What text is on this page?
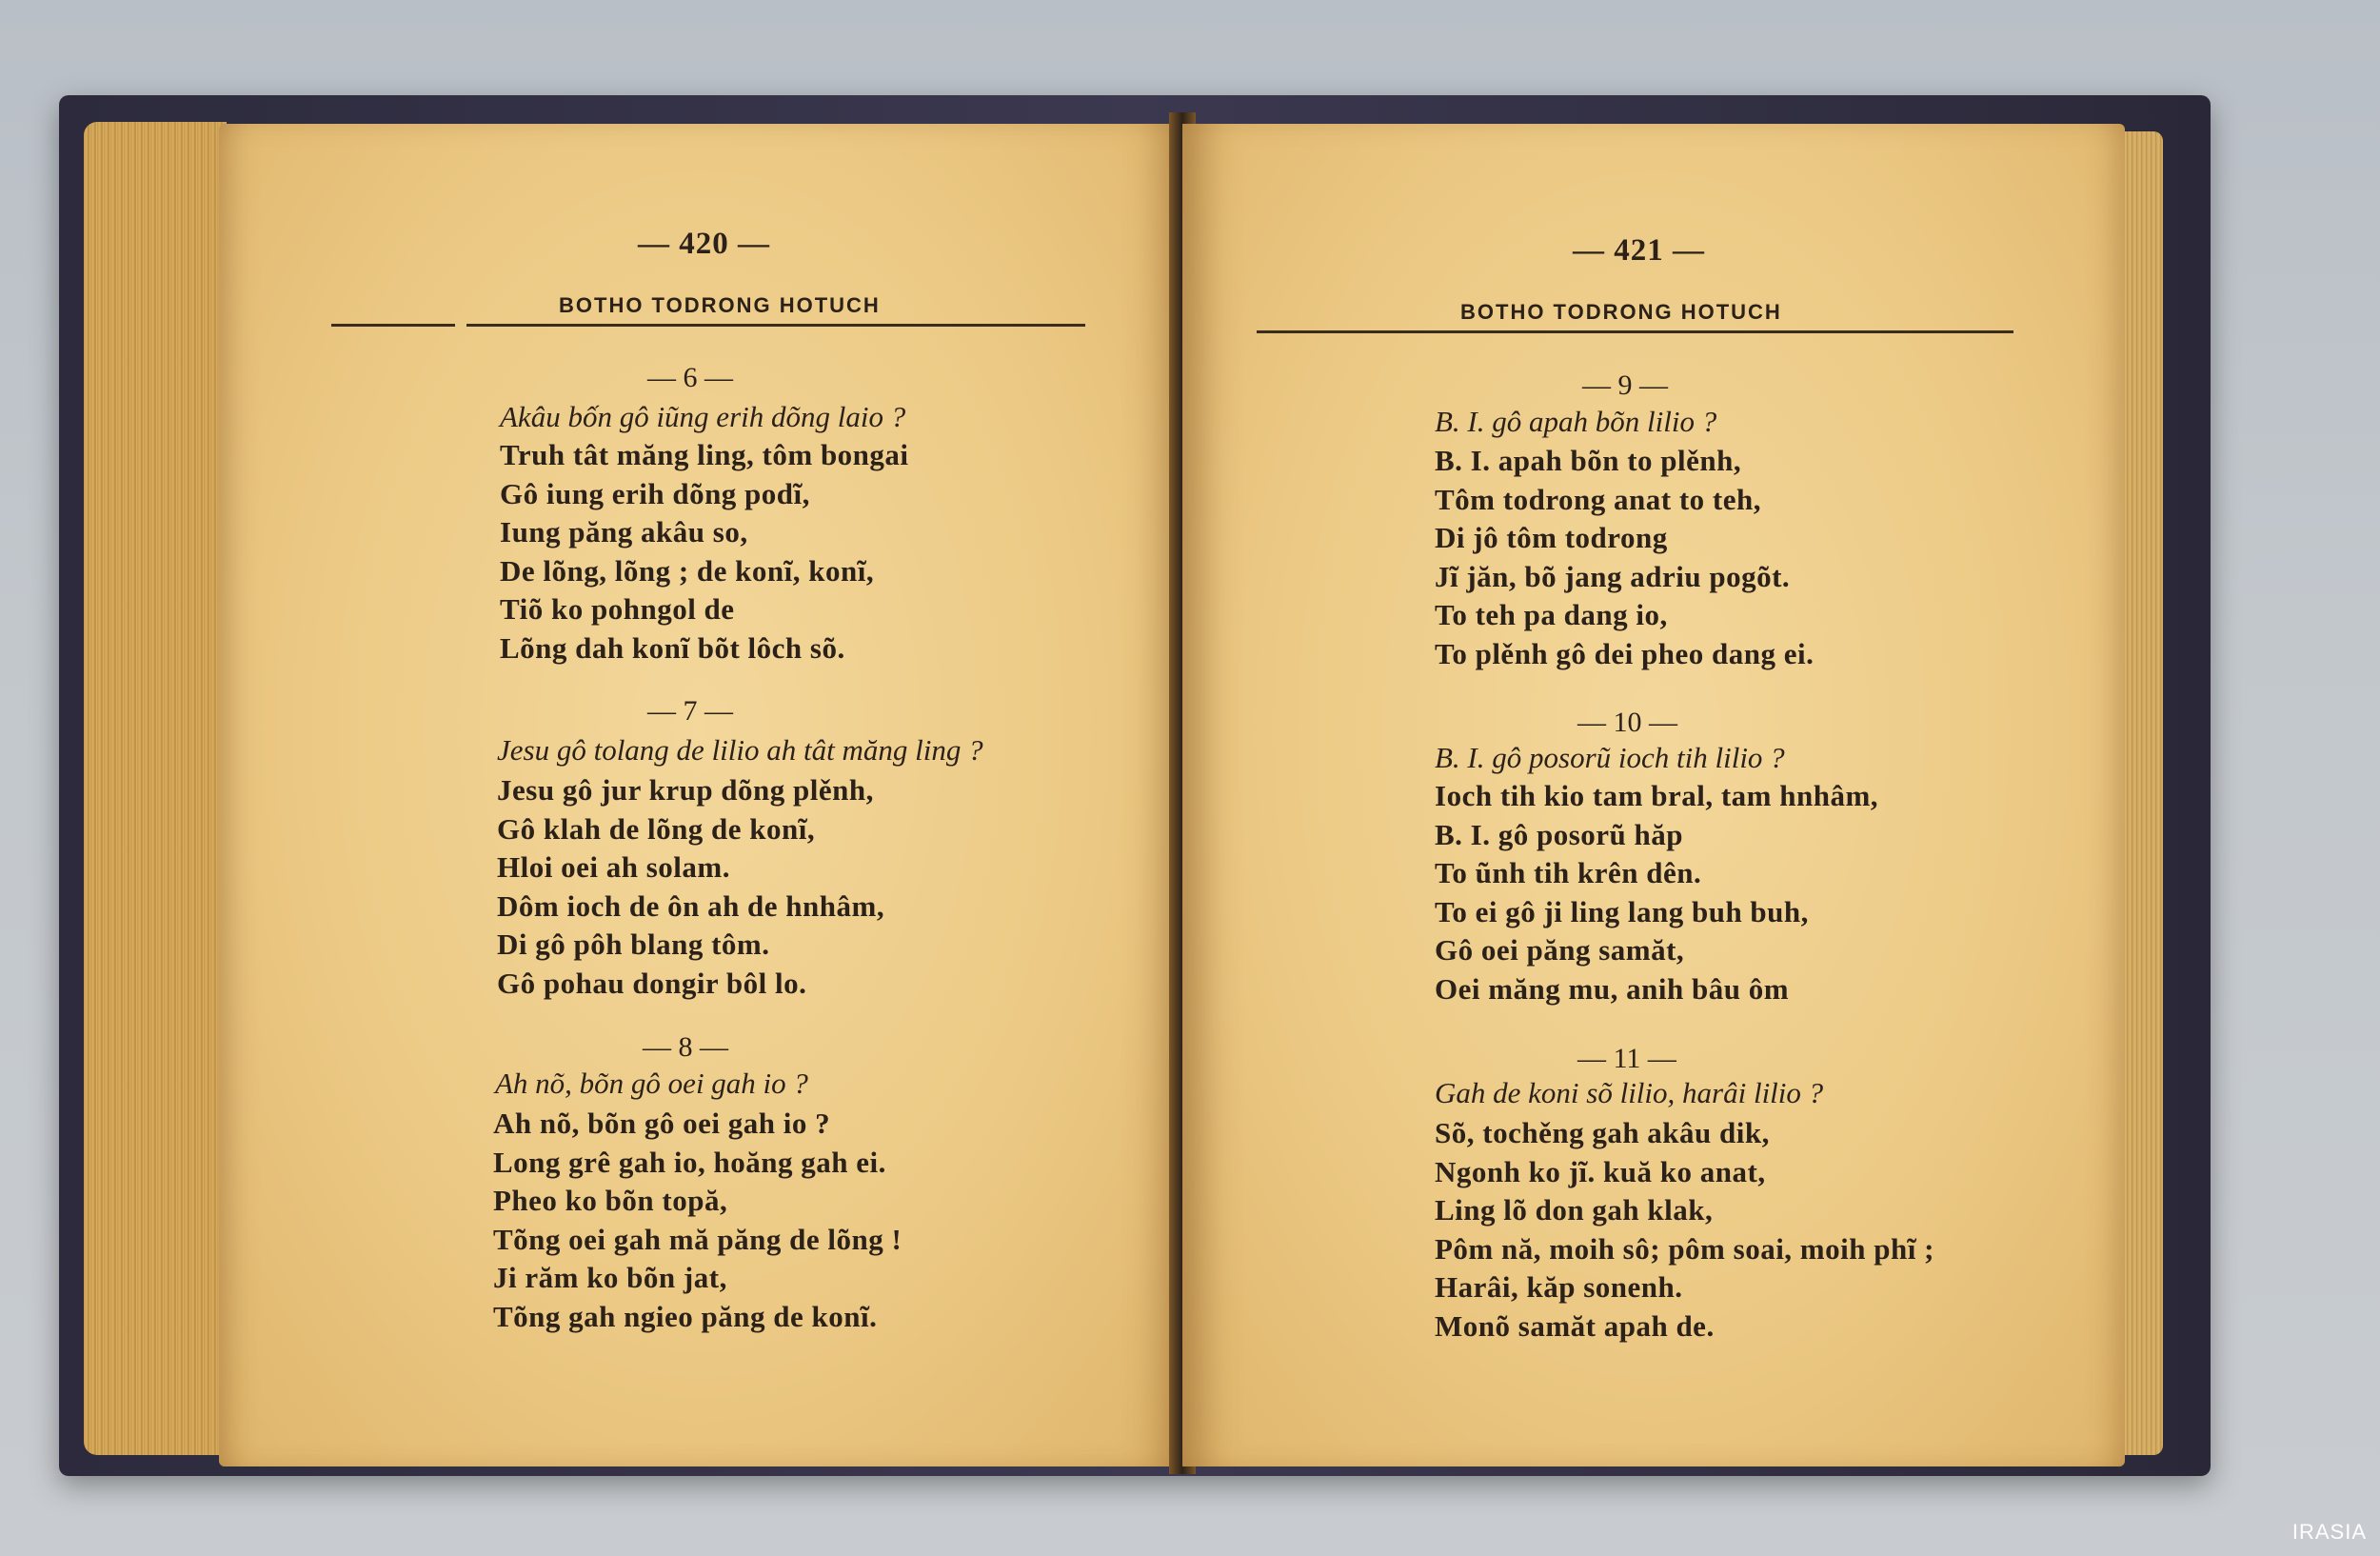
— 420 —
BOTHO TODRONG HOTUCH
— 6 —
Akâu bốn gô iũng erih dõng laio ?
Truh tât măng ling, tôm bongai
Gô iung erih dõng podĩ,
Iung păng akâu so,
De lõng, lõng ; de konĩ, konĩ,
Tiõ ko pohngol de
Lõng dah konĩ bõt lôch sõ.
— 7 —
Jesu gô tolang de lilio ah tât măng ling ?
Jesu gô jur krup dõng plěnh,
Gô klah de lõng de konĩ,
Hloi oei ah solam.
Dôm ioch de ôn ah de hnhâm,
Di gô pôh blang tôm.
Gô pohau dongir bôl lo.
— 8 —
Ah nõ, bõn gô oei gah io ?
Ah nõ, bõn gô oei gah io ?
Long grê gah io, hoăng gah ei.
Pheo ko bõn topă,
Tõng oei gah mă păng de lõng !
Ji răm ko bõn jat,
Tõng gah ngieo păng de konĩ.
— 421 —
BOTHO TODRONG HOTUCH
— 9 —
B. I. gô apah bõn lilio ?
B. I. apah bõn to plěnh,
Tôm todrong anat to teh,
Di jô tôm todrong
Jĩ jăn, bõ jang adriu pogõt.
To teh pa dang io,
To plěnh gô dei pheo dang ei.
— 10 —
B. I. gô posorũ ioch tih lilio ?
Ioch tih kio tam bral, tam hnhâm,
B. I. gô posorũ hăp
To ũnh tih krên dên.
To ei gô ji ling lang buh buh,
Gô oei păng samăt,
Oei măng mu, anih bâu ôm
— 11 —
Gah de koni sõ lilio, harâi lilio ?
Sõ, tochěng gah akâu dik,
Ngonh ko jĩ. kuă ko anat,
Ling lõ don gah klak,
Pôm nă, moih sô; pôm soai, moih phĩ ;
Harâi, kăp sonenh.
Monõ samăt apah de.
IRASIA
